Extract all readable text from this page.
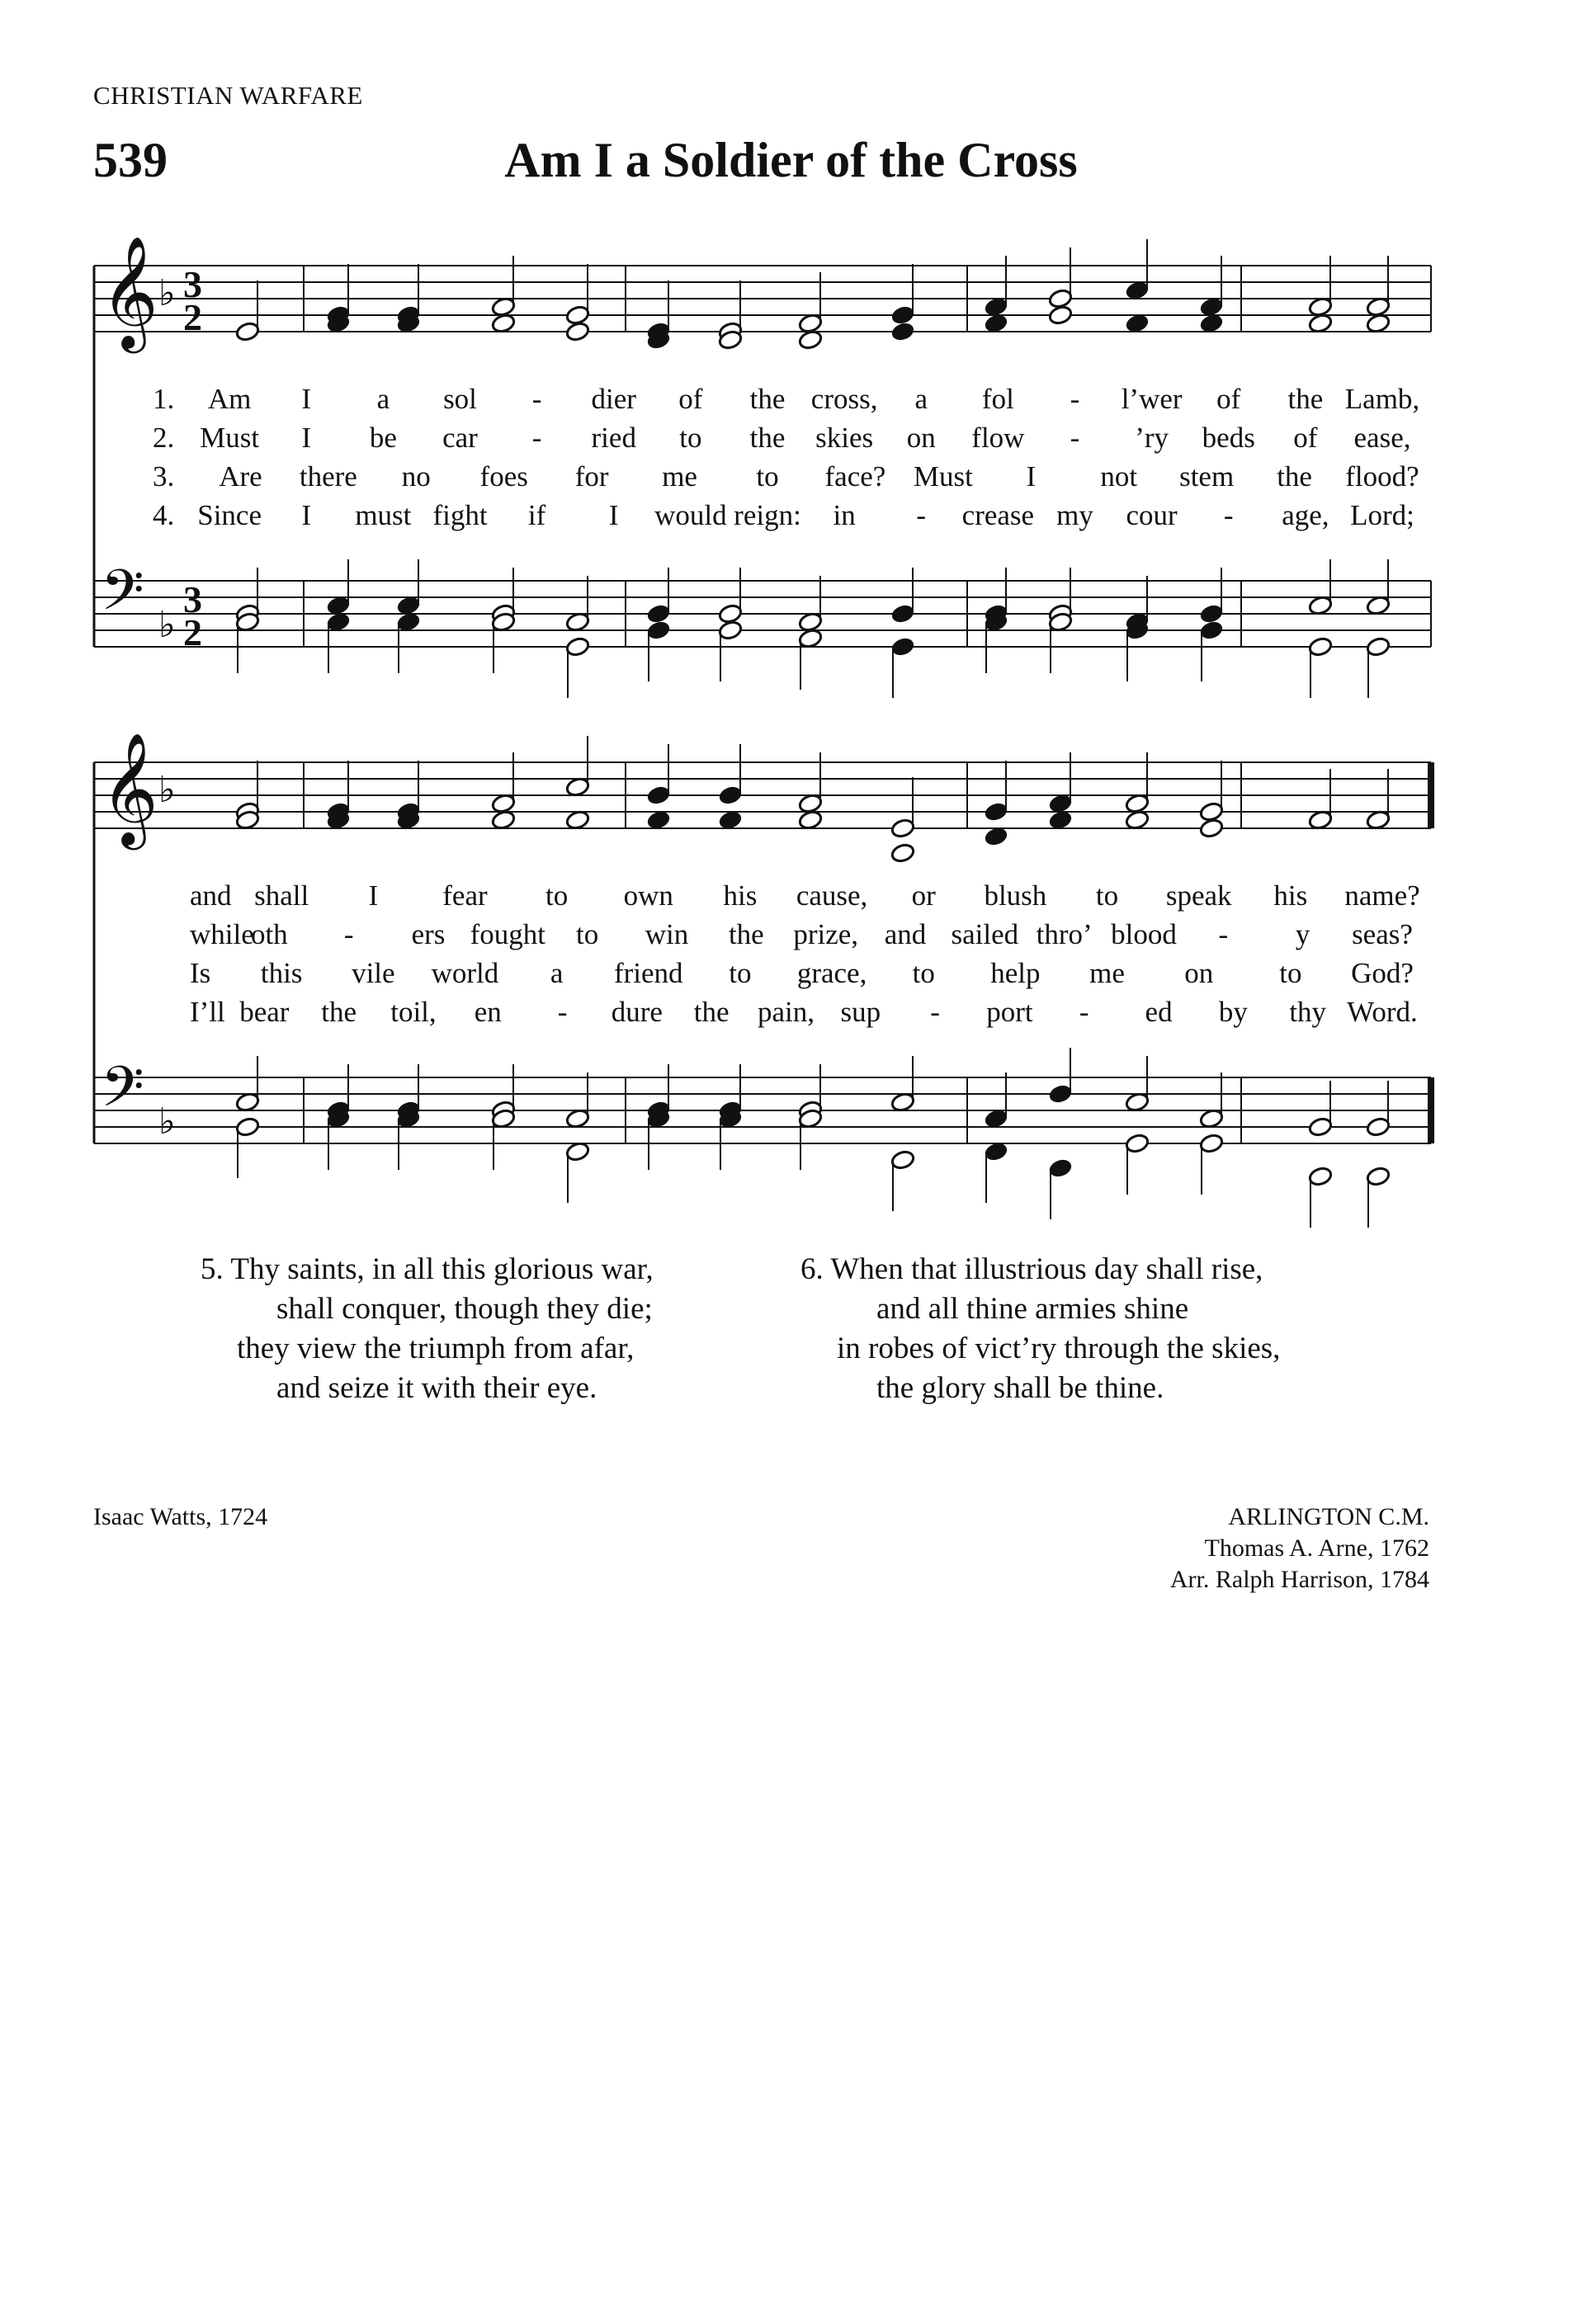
CHRISTIAN WARFARE
539	Am I a Soldier of the Cross
𝄞 ♭ 3
2
𝄢 ♭
3
2
𝄞 ♭
𝄢 ♭
1. Am I a sol - dier of the cross, a fol - l’wer of the Lamb,
2. Must I be car - ried to the skies on flow - ’ry beds of ease,
3. Are there no foes for me to face? Must I not stem the flood?
4. Since I must fight if I would reign: in - crease my cour - age, Lord;
and shall I fear to own his cause, or blush to speak his name?
while
oth - ers fought to win the prize, and sailed thro’ blood - y seas?
Is this vile world a friend to grace, to help me on to God?
I’ll bear the toil, en - dure the pain, sup - port - ed by thy Word.
5. Thy saints, in all this glorious war,
shall conquer, though they die;
they view the triumph from afar,
and seize it with their eye.
6. When that illustrious day shall rise,
and all thine armies shine
in robes of vict’ry through the skies,
the glory shall be thine.
Isaac Watts, 1724	ARLINGTON C.M.
Thomas A. Arne, 1762
Arr. Ralph Harrison, 1784
